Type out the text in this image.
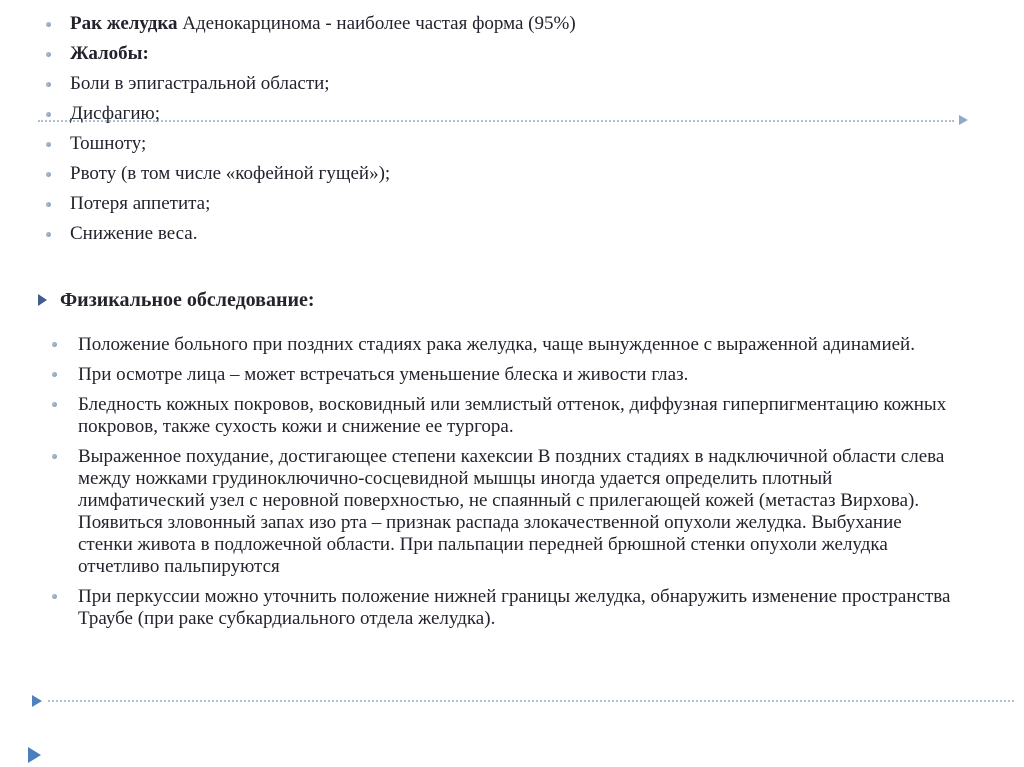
Рак желудка Аденокарцинома - наиболее частая форма (95%)
Жалобы:
Боли в эпигастральной области;
Дисфагию;
Тошноту;
Рвоту (в том числе «кофейной гущей»);
Потеря аппетита;
Снижение веса.
Физикальное обследование:
Положение больного при поздних стадиях рака желудка, чаще вынужденное с выраженной адинамией.
При осмотре лица – может встречаться уменьшение блеска и живости глаз.
Бледность кожных покровов, восковидный или землистый оттенок, диффузная гиперпигментацию кожных покровов, также сухость кожи и снижение ее тургора.
Выраженное похудание, достигающее степени кахексии В поздних стадиях в надключичной области слева между ножками грудиноключично-сосцевидной мышцы иногда удается определить плотный лимфатический узел с неровной поверхностью, не спаянный с прилегающей кожей (метастаз Вирхова). Появиться зловонный запах изо рта – признак распада злокачественной опухоли желудка. Выбухание стенки живота в подложечной области. При пальпации передней брюшной стенки опухоли желудка отчетливо пальпируются
При перкуссии можно уточнить положение нижней границы желудка, обнаружить изменение пространства Траубе (при раке субкардиального отдела желудка).
